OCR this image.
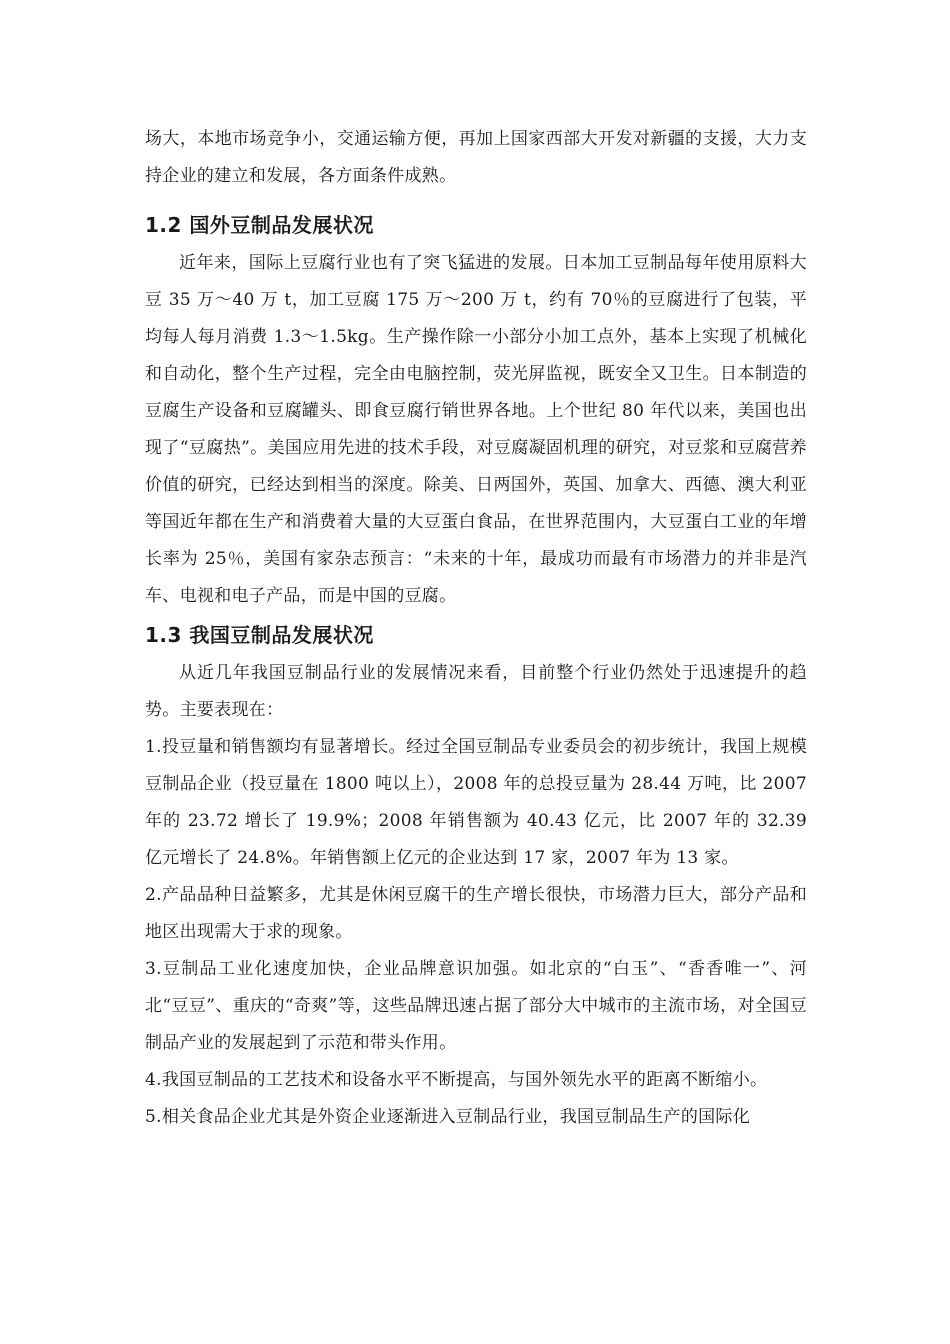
场大，本地市场竞争小，交通运输方便，再加上国家西部大开发对新疆的支援，大力支持企业的建立和发展，各方面条件成熟。

1.2 国外豆制品发展状况

近年来，国际上豆腐行业也有了突飞猛进的发展。日本加工豆制品每年使用原料大豆 35 万～40 万 t，加工豆腐 175 万～200 万 t，约有 70％的豆腐进行了包装，平均每人每月消费 1.3～1.5kg。生产操作除一小部分小加工点外，基本上实现了机械化和自动化，整个生产过程，完全由电脑控制，荧光屏监视，既安全又卫生。日本制造的豆腐生产设备和豆腐罐头、即食豆腐行销世界各地。上个世纪 80 年代以来，美国也出现了“豆腐热”。美国应用先进的技术手段，对豆腐凝固机理的研究，对豆浆和豆腐营养价值的研究，已经达到相当的深度。除美、日两国外，英国、加拿大、西德、澳大利亚等国近年都在生产和消费着大量的大豆蛋白食品，在世界范围内，大豆蛋白工业的年增长率为 25％，美国有家杂志预言：“未来的十年，最成功而最有市场潜力的并非是汽车、电视和电子产品，而是中国的豆腐。

1.3 我国豆制品发展状况

从近几年我国豆制品行业的发展情况来看，目前整个行业仍然处于迅速提升的趋势。主要表现在：

1.投豆量和销售额均有显著增长。经过全国豆制品专业委员会的初步统计，我国上规模豆制品企业（投豆量在 1800 吨以上），2008 年的总投豆量为 28.44 万吨，比 2007 年的 23.72 增长了 19.9%；2008 年销售额为 40.43 亿元，比 2007 年的 32.39 亿元增长了 24.8%。年销售额上亿元的企业达到 17 家，2007 年为 13 家。

2.产品品种日益繁多，尤其是休闲豆腐干的生产增长很快，市场潜力巨大，部分产品和地区出现需大于求的现象。

3.豆制品工业化速度加快，企业品牌意识加强。如北京的“白玉”、“香香唯一”、河北“豆豆”、重庆的“奇爽”等，这些品牌迅速占据了部分大中城市的主流市场，对全国豆制品产业的发展起到了示范和带头作用。

4.我国豆制品的工艺技术和设备水平不断提高，与国外领先水平的距离不断缩小。

5.相关食品企业尤其是外资企业逐渐进入豆制品行业，我国豆制品生产的国际化
